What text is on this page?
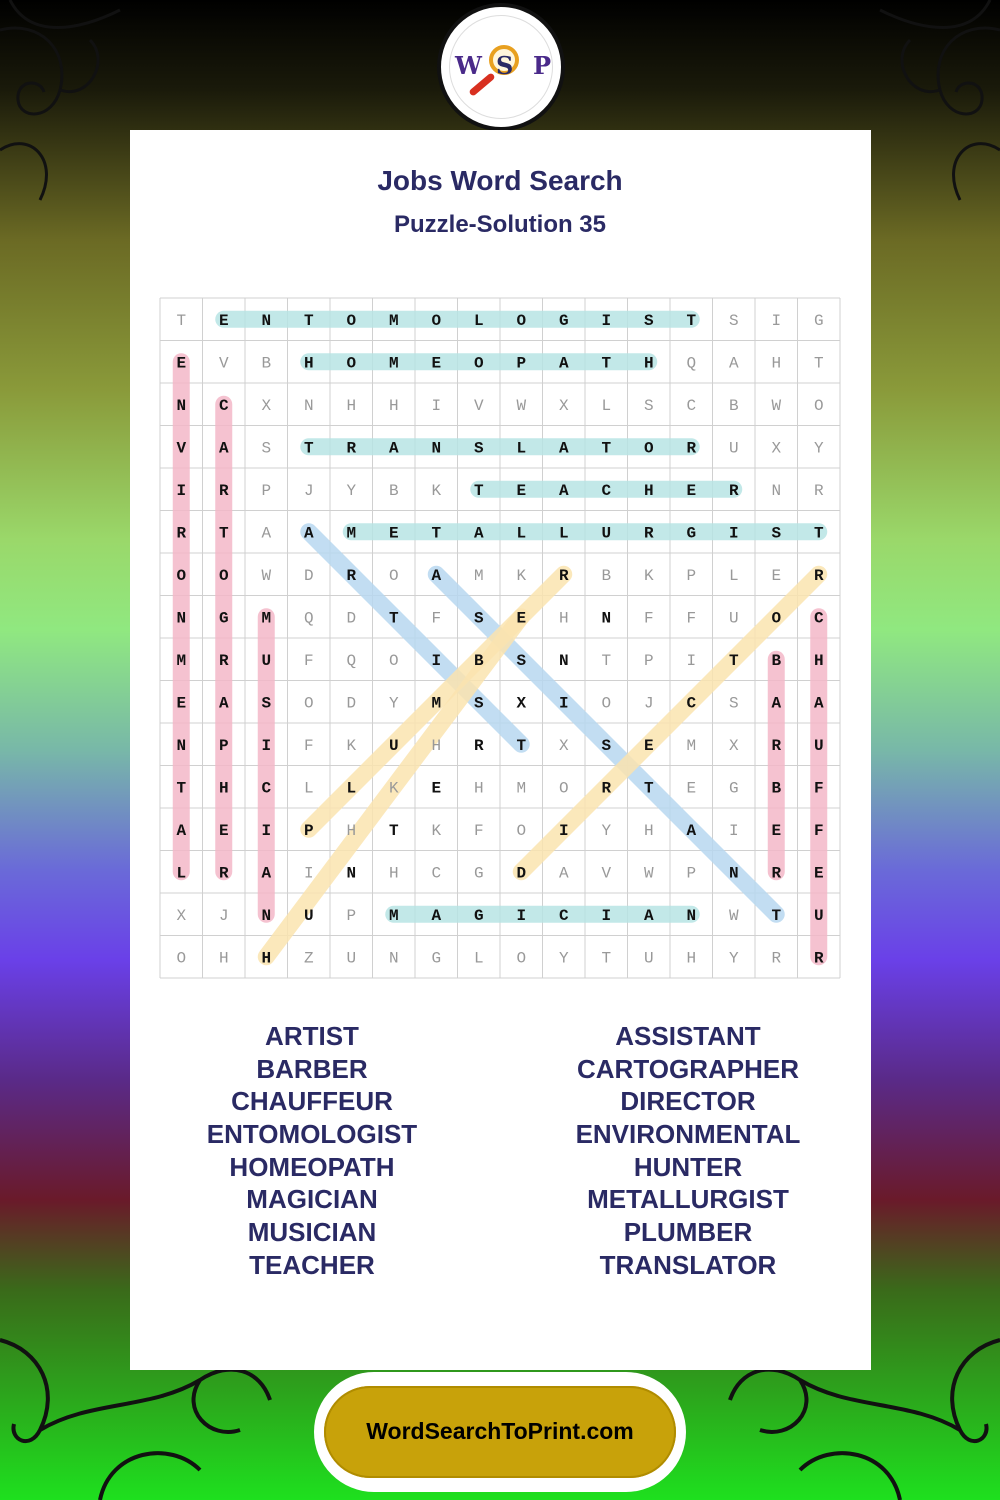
W S P
Jobs Word Search
Puzzle-Solution 35
T E N T O M O L O G I S T S I G
E V B H O M E O P A T H Q A H T
N C X N H H I V W X L S C B W O
V A S T R A N S L A T O R U X Y
I R P J Y B K T E A C H E R N R
R T A A M E T A L L U R G I S T
O O W D R O A M K R B K P L E R
N G M Q D T F S E H N F F U O C
M R U F Q O I B S N T P I T B H
E A S O D Y M S X I O J C S A A
N P I F K U H R T X S E M X R U
T H C L L K E H M O R T E G B F
A E I P H T K F O I Y H A I E F
L R A I N H C G D A V W P N R E
X J N U P M A G I C I A N W T U
O H H Z U N G L O Y T U H Y R R
ARTIST
BARBER
CHAUFFEUR
ENTOMOLOGIST
HOMEOPATH
MAGICIAN
MUSICIAN
TEACHER
ASSISTANT
CARTOGRAPHER
DIRECTOR
ENVIRONMENTAL
HUNTER
METALLURGIST
PLUMBER
TRANSLATOR
WordSearchToPrint.com
